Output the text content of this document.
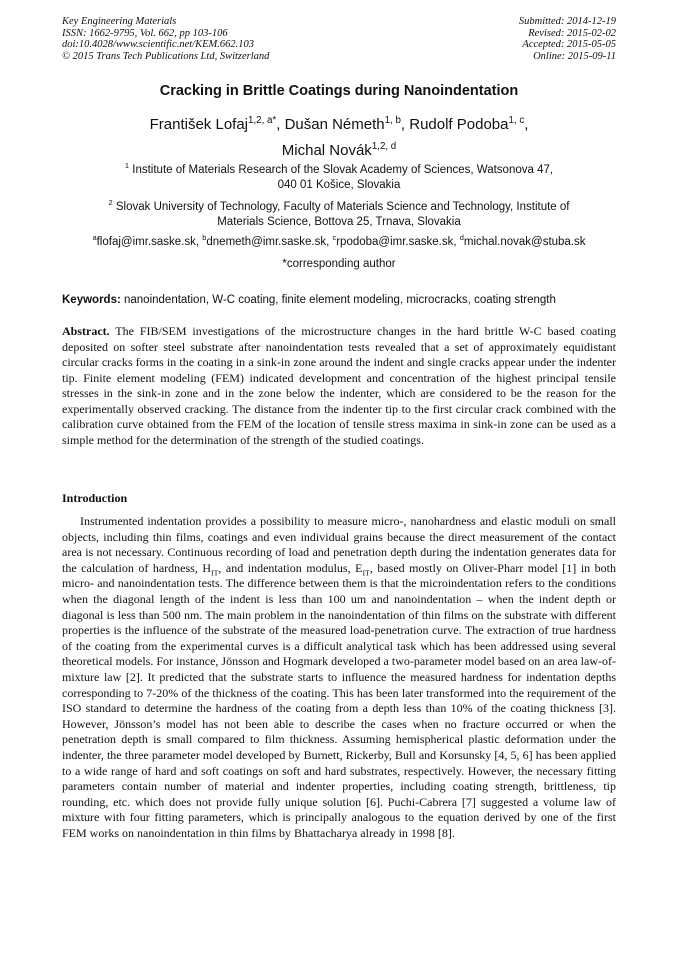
Key Engineering Materials
ISSN: 1662-9795, Vol. 662, pp 103-106
doi:10.4028/www.scientific.net/KEM.662.103
© 2015 Trans Tech Publications Ltd, Switzerland
Submitted: 2014-12-19
Revised: 2015-02-02
Accepted: 2015-05-05
Online: 2015-09-11
Cracking in Brittle Coatings during Nanoindentation
František Lofaj$^{1,2, a*}$, Dušan Németh$^{1, b}$, Rudolf Podoba$^{1, c}$,
Michal Novák$^{1,2, d}$
$^1$ Institute of Materials Research of the Slovak Academy of Sciences, Watsonova 47,
040 01 Košice, Slovakia
$^2$ Slovak University of Technology, Faculty of Materials Science and Technology, Institute of
Materials Science, Bottova 25, Trnava, Slovakia
$^a$flofaj@imr.saske.sk, $^b$dnemeth@imr.saske.sk, $^c$rpodoba@imr.saske.sk, $^d$michal.novak@stuba.sk
*corresponding author
Keywords: nanoindentation, W-C coating, finite element modeling, microcracks, coating strength

Abstract. The FIB/SEM investigations of the microstructure changes in the hard brittle W-C based coating deposited on softer steel substrate after nanoindentation tests revealed that a set of approximately equidistant circular cracks forms in the coating in a sink-in zone around the indent and single cracks appear under the indenter tip. Finite element modeling (FEM) indicated development and concentration of the highest principal tensile stresses in the sink-in zone and in the zone below the indenter, which are considered to be the reason for the experimentally observed cracking. The distance from the indenter tip to the first circular crack combined with the calibration curve obtained from the FEM of the location of tensile stress maxima in sink-in zone can be used as a simple method for the determination of the strength of the studied coatings.

Introduction

Instrumented indentation provides a possibility to measure micro-, nanohardness and elastic moduli on small objects, including thin films, coatings and even individual grains because the direct measurement of the contact area is not necessary. Continuous recording of load and penetration depth during the indentation generates data for the calculation of hardness, $H_{IT}$, and indentation modulus, $E_{IT}$, based mostly on Oliver-Pharr model [1] in both micro- and nanoindentation tests. The difference between them is that the microindentation refers to the conditions when the diagonal length of the indent is less than 100 um and nanoindentation – when the indent depth or diagonal is less than 500 nm. The main problem in the nanoindentation of thin films on the substrate with different properties is the influence of the substrate of the measured load-penetration curve. The extraction of true hardness of the coating from the experimental curves is a difficult analytical task which has been addressed using several theoretical models. For instance, Jönsson and Hogmark developed a two-parameter model based on an area law-of-mixture law [2]. It predicted that the substrate starts to influence the measured hardness for indentation depths corresponding to 7-20% of the thickness of the coating. This has been later transformed into the requirement of the ISO standard to determine the hardness of the coating from a depth less than 10% of the coating thickness [3]. However, Jönsson’s model has not been able to describe the cases when no fracture occurred or when the penetration depth is small compared to film thickness. Assuming hemispherical plastic deformation under the indenter, the three parameter model developed by Burnett, Rickerby, Bull and Korsunsky [4, 5, 6] has been applied to a wide range of hard and soft coatings on soft and hard substrates, respectively. However, the necessary fitting parameters contain number of material and indenter properties, including coating strength, brittleness, tip rounding, etc. which does not provide fully unique solution [6]. Puchi-Cabrera [7] suggested a volume law of mixture with four fitting parameters, which is principally analogous to the equation derived by one of the first FEM works on nanoindentation in thin films by Bhattacharya already in 1998 [8].
